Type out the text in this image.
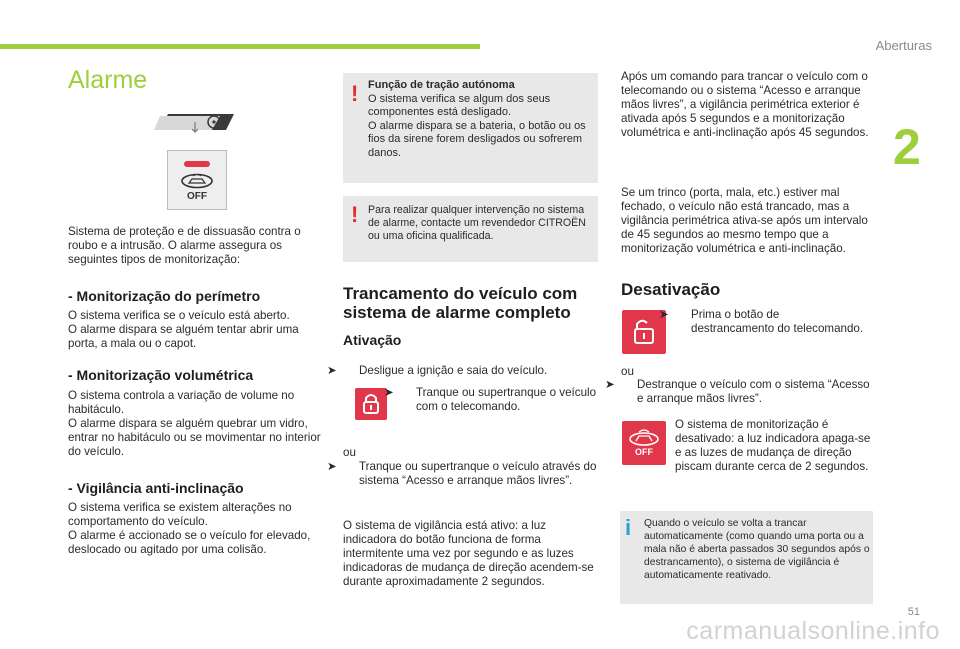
Aberturas
2
51
carmanualsonline.info
Alarme
OFF
Sistema de proteção e de dissuasão contra o roubo e a intrusão. O alarme assegura os seguintes tipos de monitorização:
- Monitorização do perímetro

O sistema verifica se o veículo está aberto.

O alarme dispara se alguém tentar abrir uma porta, a mala ou o capot.

- Monitorização volumétrica

O sistema controla a variação de volume no habitáculo.

O alarme dispara se alguém quebrar um vidro, entrar no habitáculo ou se movimentar no interior do veículo.

- Vigilância anti-inclinação

O sistema verifica se existem alterações no comportamento do veículo.

O alarme é accionado se o veículo for elevado, deslocado ou agitado por uma colisão.

! Função de tração autónoma
O sistema verifica se algum dos seus componentes está desligado.
O alarme dispara se a bateria, o botão ou os fios da sirene forem desligados ou sofrerem danos.
! Para realizar qualquer intervenção no sistema de alarme, contacte um revendedor CITROËN ou uma oficina qualificada.
Trancamento do veículo com sistema de alarme completo
Ativação
➤ Desligue a ignição e saia do veículo.
➤ Tranque ou supertranque o veículo com o telecomando.
ou
➤ Tranque ou supertranque o veículo através do sistema “Acesso e arranque mãos livres”.
O sistema de vigilância está ativo: a luz indicadora do botão funciona de forma intermitente uma vez por segundo e as luzes indicadoras de mudança de direção acendem-se durante aproximadamente 2 segundos.
Após um comando para trancar o veículo com o telecomando ou o sistema “Acesso e arranque mãos livres”, a vigilância perimétrica exterior é ativada após 5 segundos e a monitorização volumétrica e anti-inclinação após 45 segundos.
Se um trinco (porta, mala, etc.) estiver mal fechado, o veículo não está trancado, mas a vigilância perimétrica ativa-se após um intervalo de 45 segundos ao mesmo tempo que a monitorização volumétrica e anti-inclinação.
Desativação
➤ Prima o botão de destrancamento do telecomando.
ou
➤ Destranque o veículo com o sistema “Acesso e arranque mãos livres”.
OFF
O sistema de monitorização é desativado: a luz indicadora apaga-se e as luzes de mudança de direção piscam durante cerca de 2 segundos.
i Quando o veículo se volta a trancar automaticamente (como quando uma porta ou a mala não é aberta passados 30 segundos após o destrancamento), o sistema de vigilância é automaticamente reativado.
